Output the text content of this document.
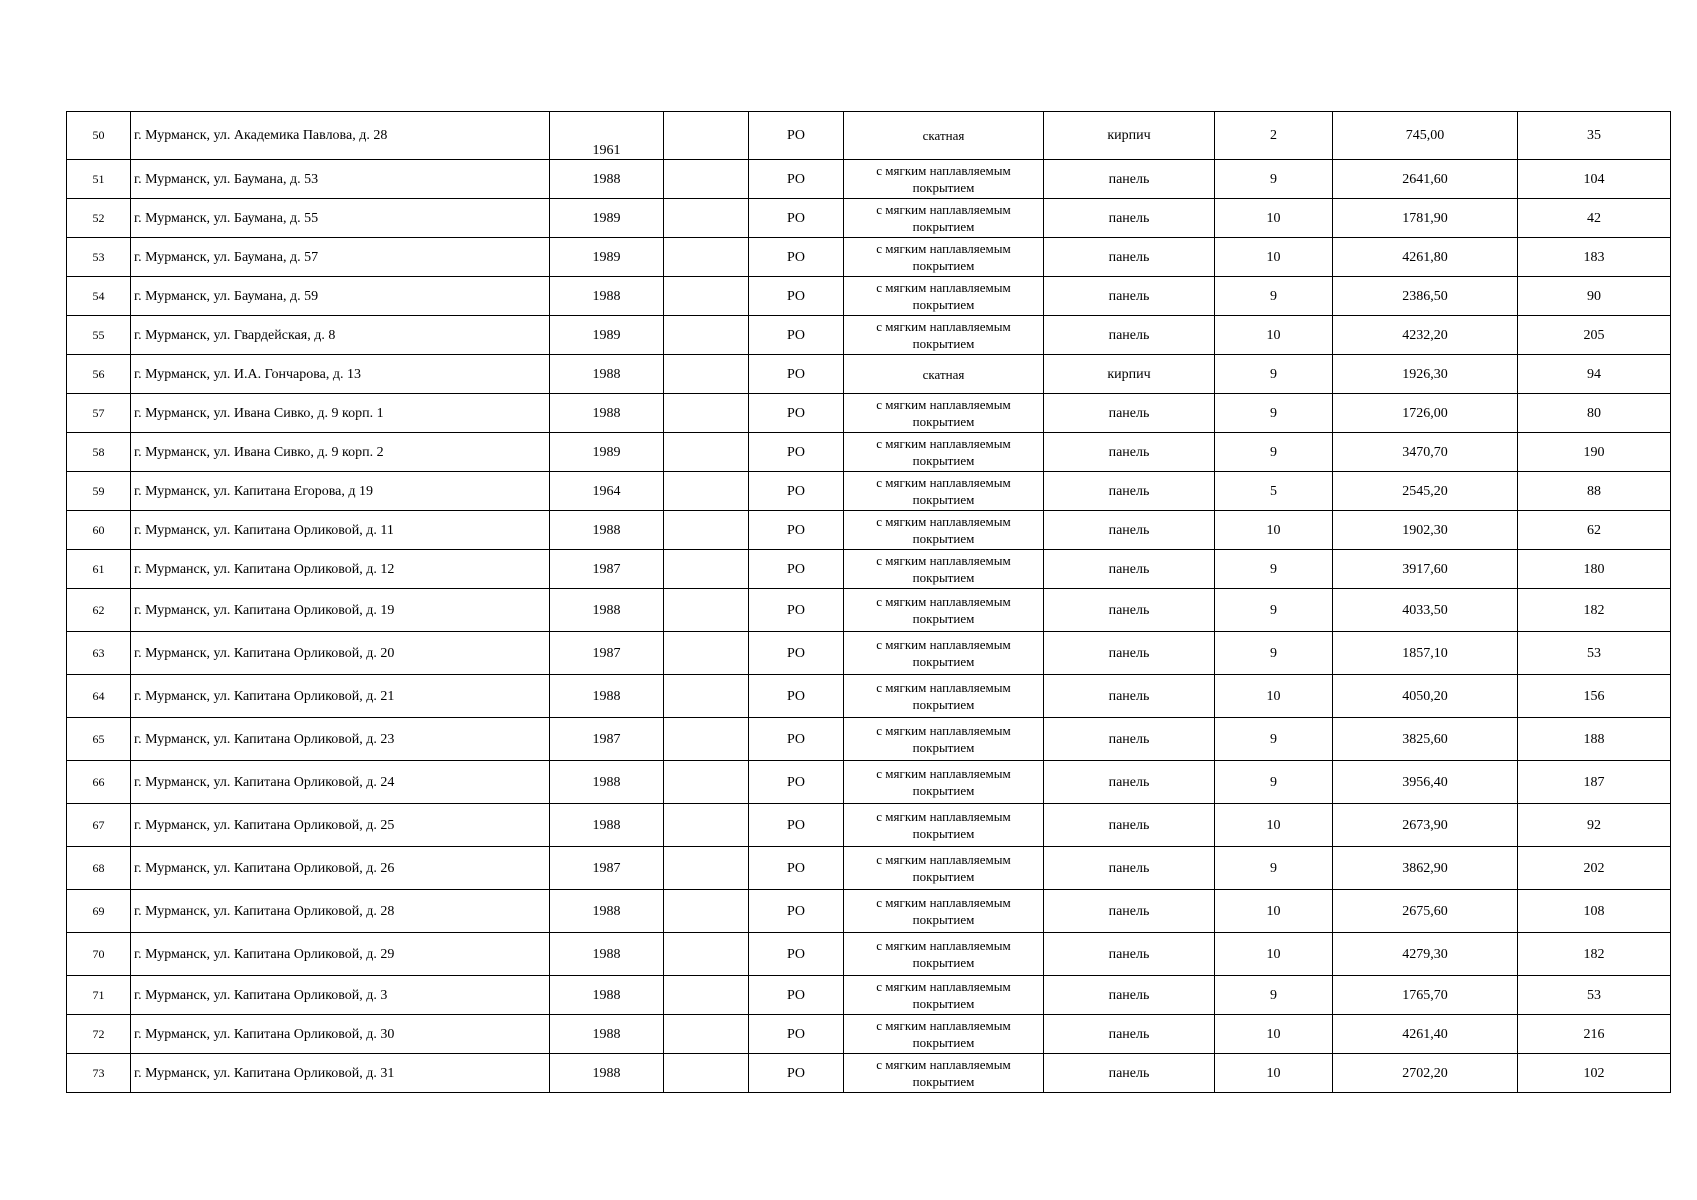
50	г. Мурманск, ул. Академика Павлова, д. 28	1961		РО	скатная	кирпич	2	745,00	35
51	г. Мурманск, ул. Баумана, д. 53	1988		РО	с мягким наплавляемым покрытием	панель	9	2641,60	104
52	г. Мурманск, ул. Баумана, д. 55	1989		РО	с мягким наплавляемым покрытием	панель	10	1781,90	42
53	г. Мурманск, ул. Баумана, д. 57	1989		РО	с мягким наплавляемым покрытием	панель	10	4261,80	183
54	г. Мурманск, ул. Баумана, д. 59	1988		РО	с мягким наплавляемым покрытием	панель	9	2386,50	90
55	г. Мурманск, ул. Гвардейская, д. 8	1989		РО	с мягким наплавляемым покрытием	панель	10	4232,20	205
56	г. Мурманск, ул. И.А. Гончарова, д. 13	1988		РО	скатная	кирпич	9	1926,30	94
57	г. Мурманск, ул. Ивана Сивко, д. 9 корп. 1	1988		РО	с мягким наплавляемым покрытием	панель	9	1726,00	80
58	г. Мурманск, ул. Ивана Сивко, д. 9 корп. 2	1989		РО	с мягким наплавляемым покрытием	панель	9	3470,70	190
59	г. Мурманск, ул. Капитана Егорова, д 19	1964		РО	с мягким наплавляемым покрытием	панель	5	2545,20	88
60	г. Мурманск, ул. Капитана Орликовой, д. 11	1988		РО	с мягким наплавляемым покрытием	панель	10	1902,30	62
61	г. Мурманск, ул. Капитана Орликовой, д. 12	1987		РО	с мягким наплавляемым покрытием	панель	9	3917,60	180
62	г. Мурманск, ул. Капитана Орликовой, д. 19	1988		РО	с мягким наплавляемым покрытием	панель	9	4033,50	182
63	г. Мурманск, ул. Капитана Орликовой, д. 20	1987		РО	с мягким наплавляемым покрытием	панель	9	1857,10	53
64	г. Мурманск, ул. Капитана Орликовой, д. 21	1988		РО	с мягким наплавляемым покрытием	панель	10	4050,20	156
65	г. Мурманск, ул. Капитана Орликовой, д. 23	1987		РО	с мягким наплавляемым покрытием	панель	9	3825,60	188
66	г. Мурманск, ул. Капитана Орликовой, д. 24	1988		РО	с мягким наплавляемым покрытием	панель	9	3956,40	187
67	г. Мурманск, ул. Капитана Орликовой, д. 25	1988		РО	с мягким наплавляемым покрытием	панель	10	2673,90	92
68	г. Мурманск, ул. Капитана Орликовой, д. 26	1987		РО	с мягким наплавляемым покрытием	панель	9	3862,90	202
69	г. Мурманск, ул. Капитана Орликовой, д. 28	1988		РО	с мягким наплавляемым покрытием	панель	10	2675,60	108
70	г. Мурманск, ул. Капитана Орликовой, д. 29	1988		РО	с мягким наплавляемым покрытием	панель	10	4279,30	182
71	г. Мурманск, ул. Капитана Орликовой, д. 3	1988		РО	с мягким наплавляемым покрытием	панель	9	1765,70	53
72	г. Мурманск, ул. Капитана Орликовой, д. 30	1988		РО	с мягким наплавляемым покрытием	панель	10	4261,40	216
73	г. Мурманск, ул. Капитана Орликовой, д. 31	1988		РО	с мягким наплавляемым покрытием	панель	10	2702,20	102
